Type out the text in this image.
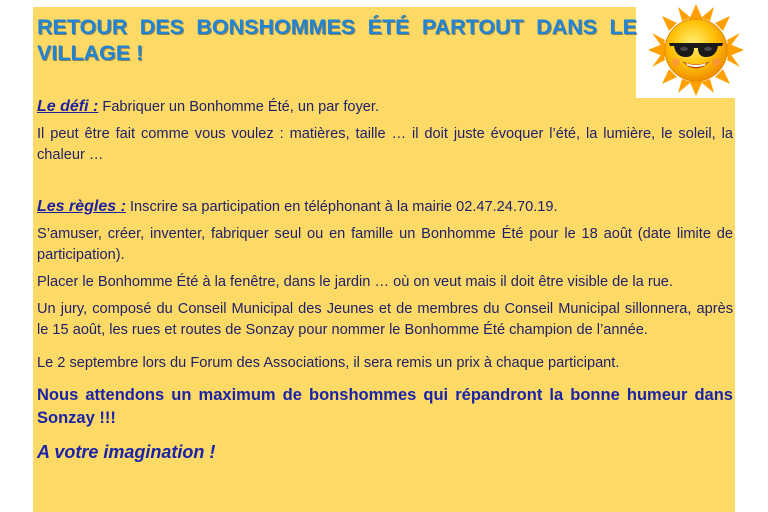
RETOUR DES BONSHOMMES ÉTÉ PARTOUT DANS LE VILLAGE !

Le défi : Fabriquer un Bonhomme Été, un par foyer.

Il peut être fait comme vous voulez : matières, taille … il doit juste évoquer l’été, la lumière, le soleil, la chaleur …

Les règles : Inscrire sa participation en téléphonant à la mairie 02.47.24.70.19.

S’amuser, créer, inventer, fabriquer seul ou en famille un Bonhomme Été pour le 18 août (date limite de participation).

Placer le Bonhomme Été à la fenêtre, dans le jardin … où on veut mais il doit être visible de la rue.

Un jury, composé du Conseil Municipal des Jeunes et de membres du Conseil Municipal sillonnera, après le 15 août, les rues et routes de Sonzay pour nommer le Bonhomme Été champion de l’année.

Le 2 septembre lors du Forum des Associations, il sera remis un prix à chaque participant.

Nous attendons un maximum de bonshommes qui répandront la bonne humeur dans Sonzay !!!

A votre imagination !
